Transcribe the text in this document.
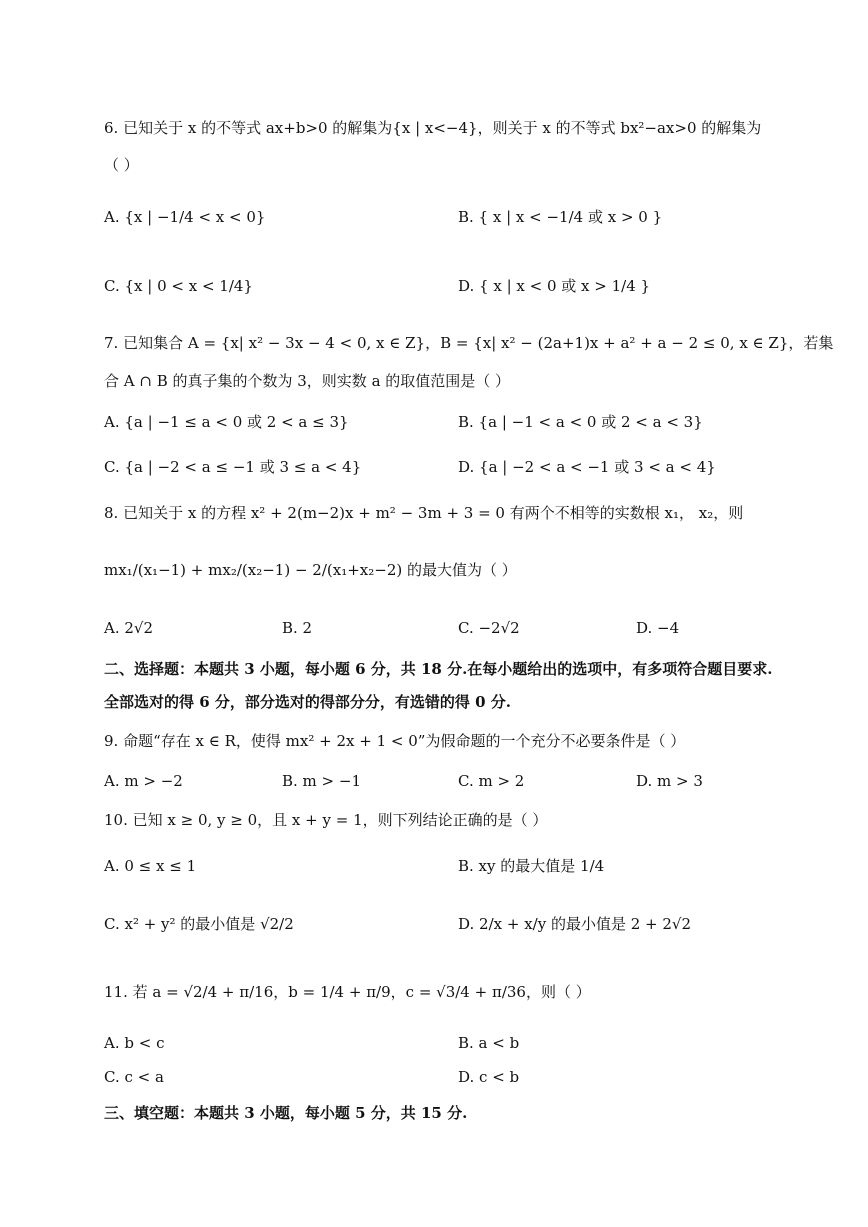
6. 已知关于 x 的不等式 ax+b>0 的解集为{x | x<−4}，则关于 x 的不等式 bx²−ax>0 的解集为
（ ）
A. {x | −1/4 < x < 0}	B. { x | x < −1/4 或 x > 0 }
C. {x | 0 < x < 1/4}	D. { x | x < 0 或 x > 1/4 }
7. 已知集合 A = {x| x² − 3x − 4 < 0, x ∈ Z}，B = {x| x² − (2a+1)x + a² + a − 2 ≤ 0, x ∈ Z}，若集
合 A ∩ B 的真子集的个数为 3，则实数 a 的取值范围是（ ）
A. {a | −1 ≤ a < 0 或 2 < a ≤ 3}	B. {a | −1 < a < 0 或 2 < a < 3}
C. {a | −2 < a ≤ −1 或 3 ≤ a < 4}	D. {a | −2 < a < −1 或 3 < a < 4}
8. 已知关于 x 的方程 x² + 2(m−2)x + m² − 3m + 3 = 0 有两个不相等的实数根 x₁， x₂，则
mx₁/(x₁−1) + mx₂/(x₂−1) − 2/(x₁+x₂−2) 的最大值为（ ）
A. 2√2	B. 2	C. −2√2	D. −4
二、选择题：本题共 3 小题，每小题 6 分，共 18 分.在每小题给出的选项中，有多项符合题目要求.
全部选对的得 6 分，部分选对的得部分分，有选错的得 0 分.
9. 命题“存在 x ∈ R，使得 mx² + 2x + 1 < 0”为假命题的一个充分不必要条件是（ ）
A. m > −2	B. m > −1	C. m > 2	D. m > 3
10. 已知 x ≥ 0, y ≥ 0，且 x + y = 1，则下列结论正确的是（ ）
A. 0 ≤ x ≤ 1	B. xy 的最大值是 1/4
C. x² + y² 的最小值是 √2/2	D. 2/x + x/y 的最小值是 2 + 2√2
11. 若 a = √2/4 + π/16，b = 1/4 + π/9，c = √3/4 + π/36，则（ ）
A. b < c	B. a < b
C. c < a	D. c < b
三、填空题：本题共 3 小题，每小题 5 分，共 15 分.
